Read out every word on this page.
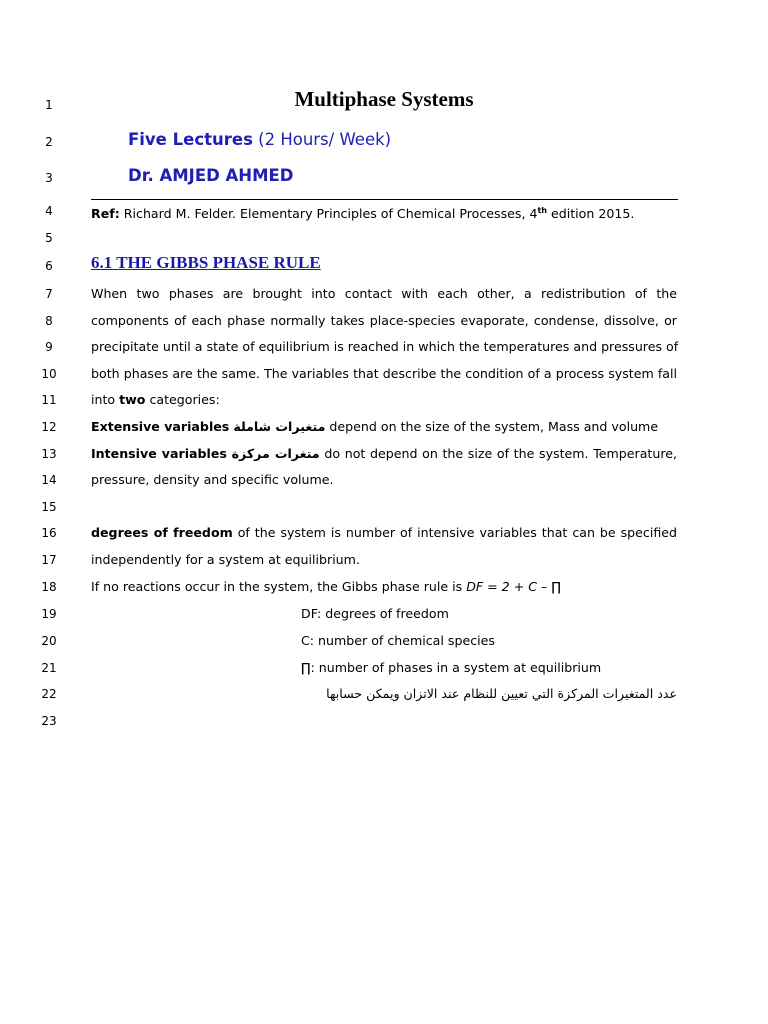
1
2
3
4
5
6
7
8
9
10
11
12
13
14
15
16
17
18
19
20
21
22
23
Multiphase Systems
Five Lectures (2 Hours/ Week)
Dr. AMJED AHMED
Ref: Richard M. Felder. Elementary Principles of Chemical Processes, 4th edition 2015.
6.1 THE GIBBS PHASE RULE
When two phases are brought into contact with each other, a redistribution of the
components of each phase normally takes place-species evaporate, condense, dissolve, or
precipitate until a state of equilibrium is reached in which the temperatures and pressures of
both phases are the same. The variables that describe the condition of a process system fall
into two categories:
Extensive variables متغيرات شاملة depend on the size of the system, Mass and volume
Intensive variables متغرات مركزة do not depend on the size of the system. Temperature,
pressure, density and specific volume.
degrees of freedom of the system is number of intensive variables that can be specified
independently for a system at equilibrium.
If no reactions occur in the system, the Gibbs phase rule is DF = 2 + C – ∏
DF: degrees of freedom
C: number of chemical species
∏: number of phases in a system at equilibrium
عدد المتغيرات المركزة التي تعيين للنظام عند الاتزان ويمكن حسابها
